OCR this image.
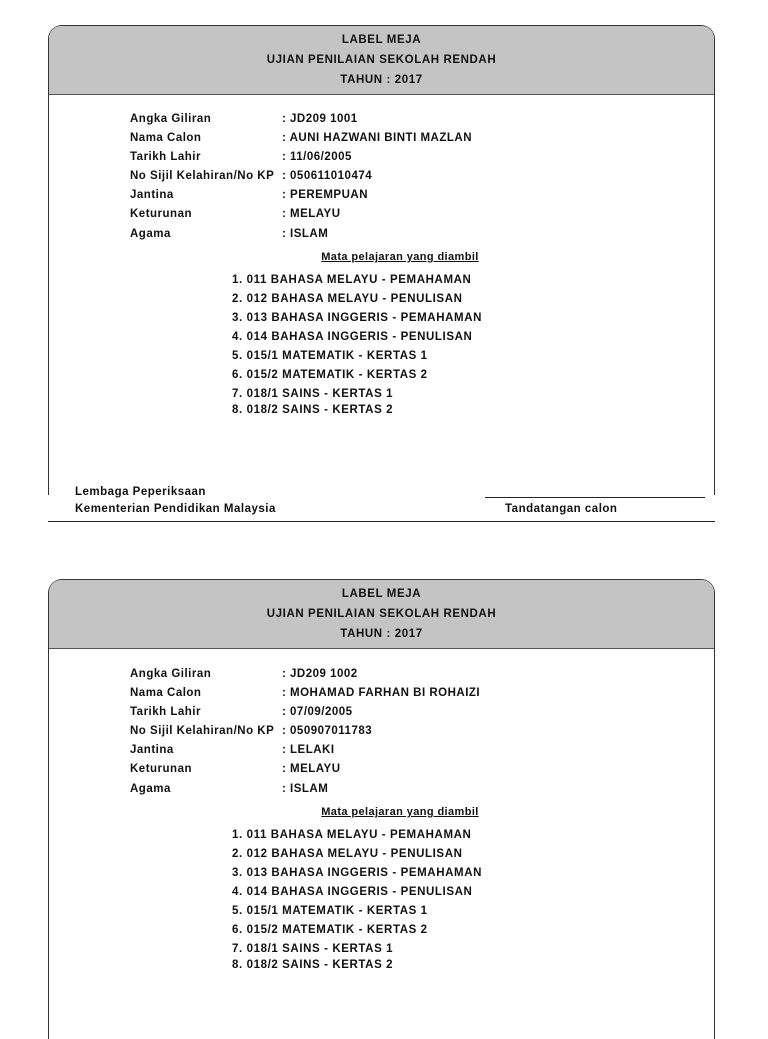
LABEL MEJA
UJIAN PENILAIAN SEKOLAH RENDAH
TAHUN : 2017
Angka Giliran	: JD209 1001
Nama Calon	: AUNI HAZWANI BINTI MAZLAN
Tarikh Lahir	: 11/06/2005
No Sijil Kelahiran/No KP : 050611010474
Jantina	: PEREMPUAN
Keturunan	: MELAYU
Agama	: ISLAM
Mata pelajaran yang diambil
1. 011 BAHASA MELAYU - PEMAHAMAN
2. 012 BAHASA MELAYU - PENULISAN
3. 013 BAHASA INGGERIS - PEMAHAMAN
4. 014 BAHASA INGGERIS - PENULISAN
5. 015/1 MATEMATIK - KERTAS 1
6. 015/2 MATEMATIK - KERTAS 2
7. 018/1 SAINS - KERTAS 1
8. 018/2 SAINS - KERTAS 2
Lembaga Peperiksaan
Kementerian Pendidikan Malaysia	Tandatangan calon
LABEL MEJA
UJIAN PENILAIAN SEKOLAH RENDAH
TAHUN : 2017
Angka Giliran	: JD209 1002
Nama Calon	: MOHAMAD FARHAN BI ROHAIZI
Tarikh Lahir	: 07/09/2005
No Sijil Kelahiran/No KP : 050907011783
Jantina	: LELAKI
Keturunan	: MELAYU
Agama	: ISLAM
Mata pelajaran yang diambil
1. 011 BAHASA MELAYU - PEMAHAMAN
2. 012 BAHASA MELAYU - PENULISAN
3. 013 BAHASA INGGERIS - PEMAHAMAN
4. 014 BAHASA INGGERIS - PENULISAN
5. 015/1 MATEMATIK - KERTAS 1
6. 015/2 MATEMATIK - KERTAS 2
7. 018/1 SAINS - KERTAS 1
8. 018/2 SAINS - KERTAS 2
